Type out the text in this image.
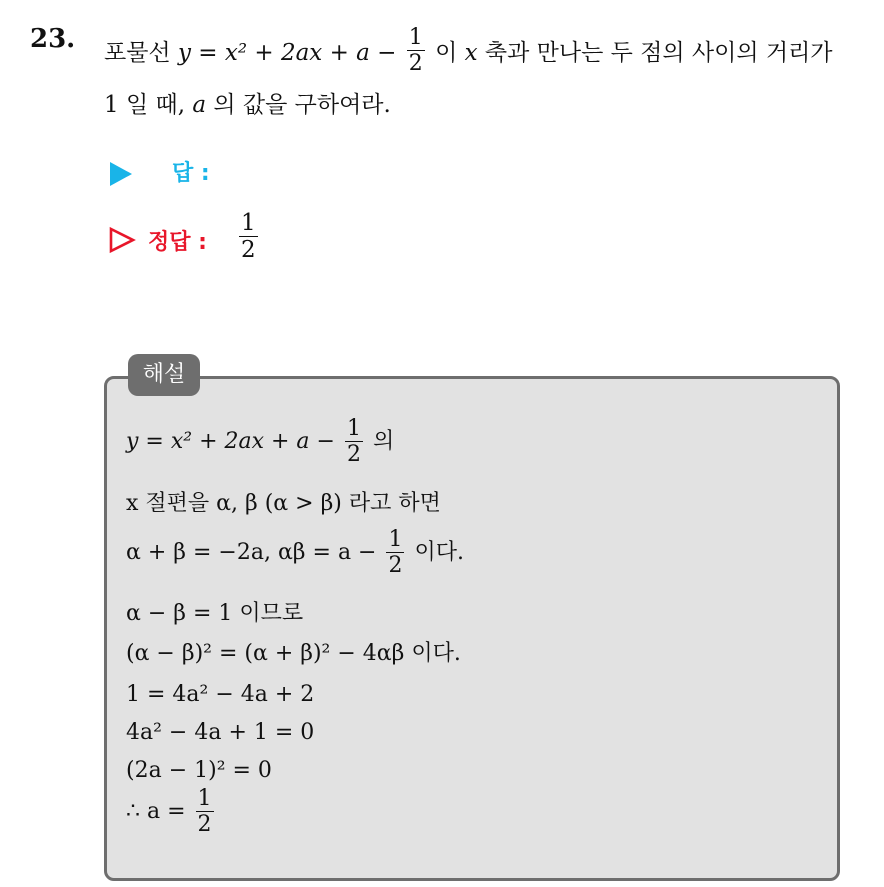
23. 포물선 $y = x^2 + 2ax + a - \frac{1}{2}$ 이 x 축과 만나는 두 점의 사이의 거리가
1 일 때, a 의 값을 구하여라.
답 :
정답 : $\frac{1}{2}$
해설
$y = x^2 + 2ax + a - \frac{1}{2}$ 의
x 절편을 α, β (α > β) 라고 하면
α + β = −2a, $\alpha\beta = a - \frac{1}{2}$ 이다.
α − β = 1 이므로
(α − β)² = (α + β)² − 4αβ 이다.
1 = 4a² − 4a + 2
4a² − 4a + 1 = 0
(2a − 1)² = 0
∴ $a = \frac{1}{2}$
